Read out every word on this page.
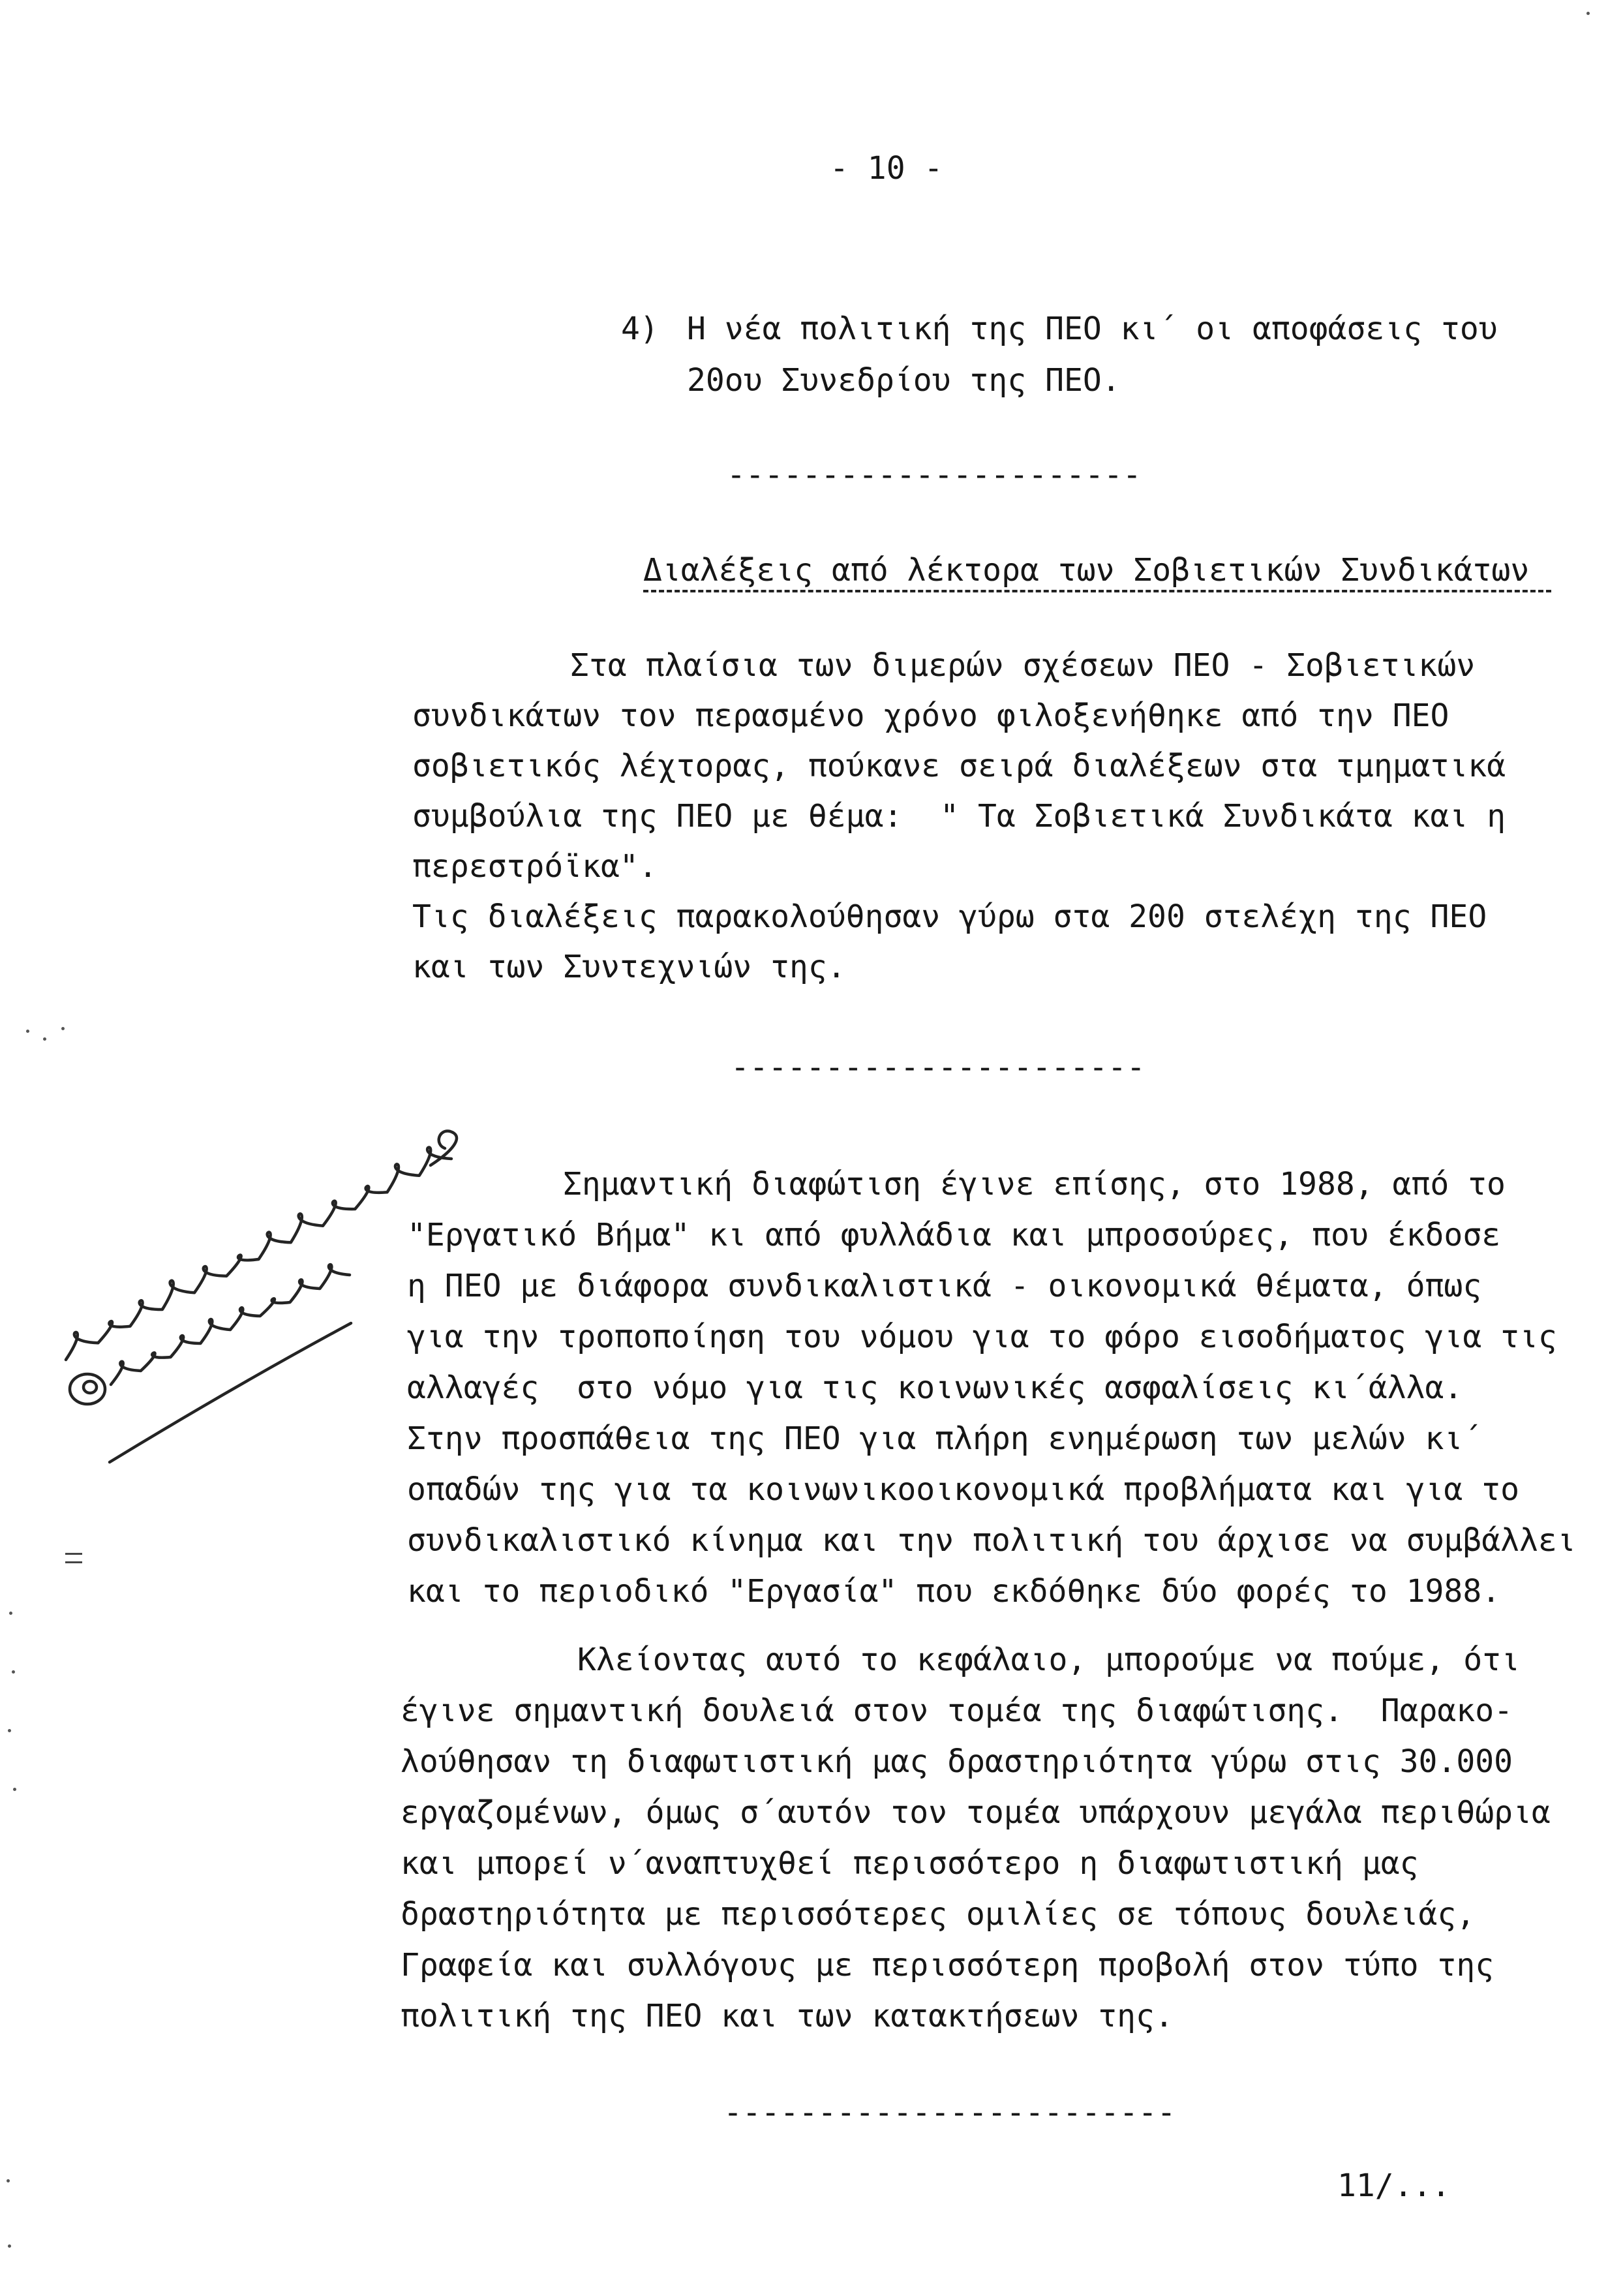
- 10 -
4) Η νέα πολιτική της ΠΕΟ κι΄ οι αποφάσεις του
20ου Συνεδρίου της ΠΕΟ.
----------------------
Διαλέξεις από λέκτορα των Σοβιετικών Συνδικάτων
Στα πλαίσια των διμερών σχέσεων ΠΕΟ - Σοβιετικών
συνδικάτων τον περασμένο χρόνο φιλοξενήθηκε από την ΠΕΟ
σοβιετικός λέχτορας, πούκανε σειρά διαλέξεων στα τμηματικά
συμβούλια της ΠΕΟ με θέμα:  " Τα Σοβιετικά Συνδικάτα και η
περεστρόϊκα".
Τις διαλέξεις παρακολούθησαν γύρω στα 200 στελέχη της ΠΕΟ
και των Συντεχνιών της.
----------------------
Σημαντική διαφώτιση έγινε επίσης, στο 1988, από το
"Εργατικό Βήμα" κι από φυλλάδια και μπροσούρες, που έκδοσε
η ΠΕΟ με διάφορα συνδικαλιστικά - οικονομικά θέματα, όπως
για την τροποποίηση του νόμου για το φόρο εισοδήματος για τις
αλλαγές  στο νόμο για τις κοινωνικές ασφαλίσεις κι΄άλλα.
Στην προσπάθεια της ΠΕΟ για πλήρη ενημέρωση των μελών κι΄
οπαδών της για τα κοινωνικοοικονομικά προβλήματα και για το
συνδικαλιστικό κίνημα και την πολιτική του άρχισε να συμβάλλει
και το περιοδικό "Εργασία" που εκδόθηκε δύο φορές το 1988.
Κλείοντας αυτό το κεφάλαιο, μπορούμε να πούμε, ότι
έγινε σημαντική δουλειά στον τομέα της διαφώτισης.  Παρακο-
λούθησαν τη διαφωτιστική μας δραστηριότητα γύρω στις 30.000
εργαζομένων, όμως σ΄αυτόν τον τομέα υπάρχουν μεγάλα περιθώρια
και μπορεί ν΄αναπτυχθεί περισσότερο η διαφωτιστική μας
δραστηριότητα με περισσότερες ομιλίες σε τόπους δουλειάς,
Γραφεία και συλλόγους με περισσότερη προβολή στον τύπο της
πολιτική της ΠΕΟ και των κατακτήσεων της.
------------------------
11/...
